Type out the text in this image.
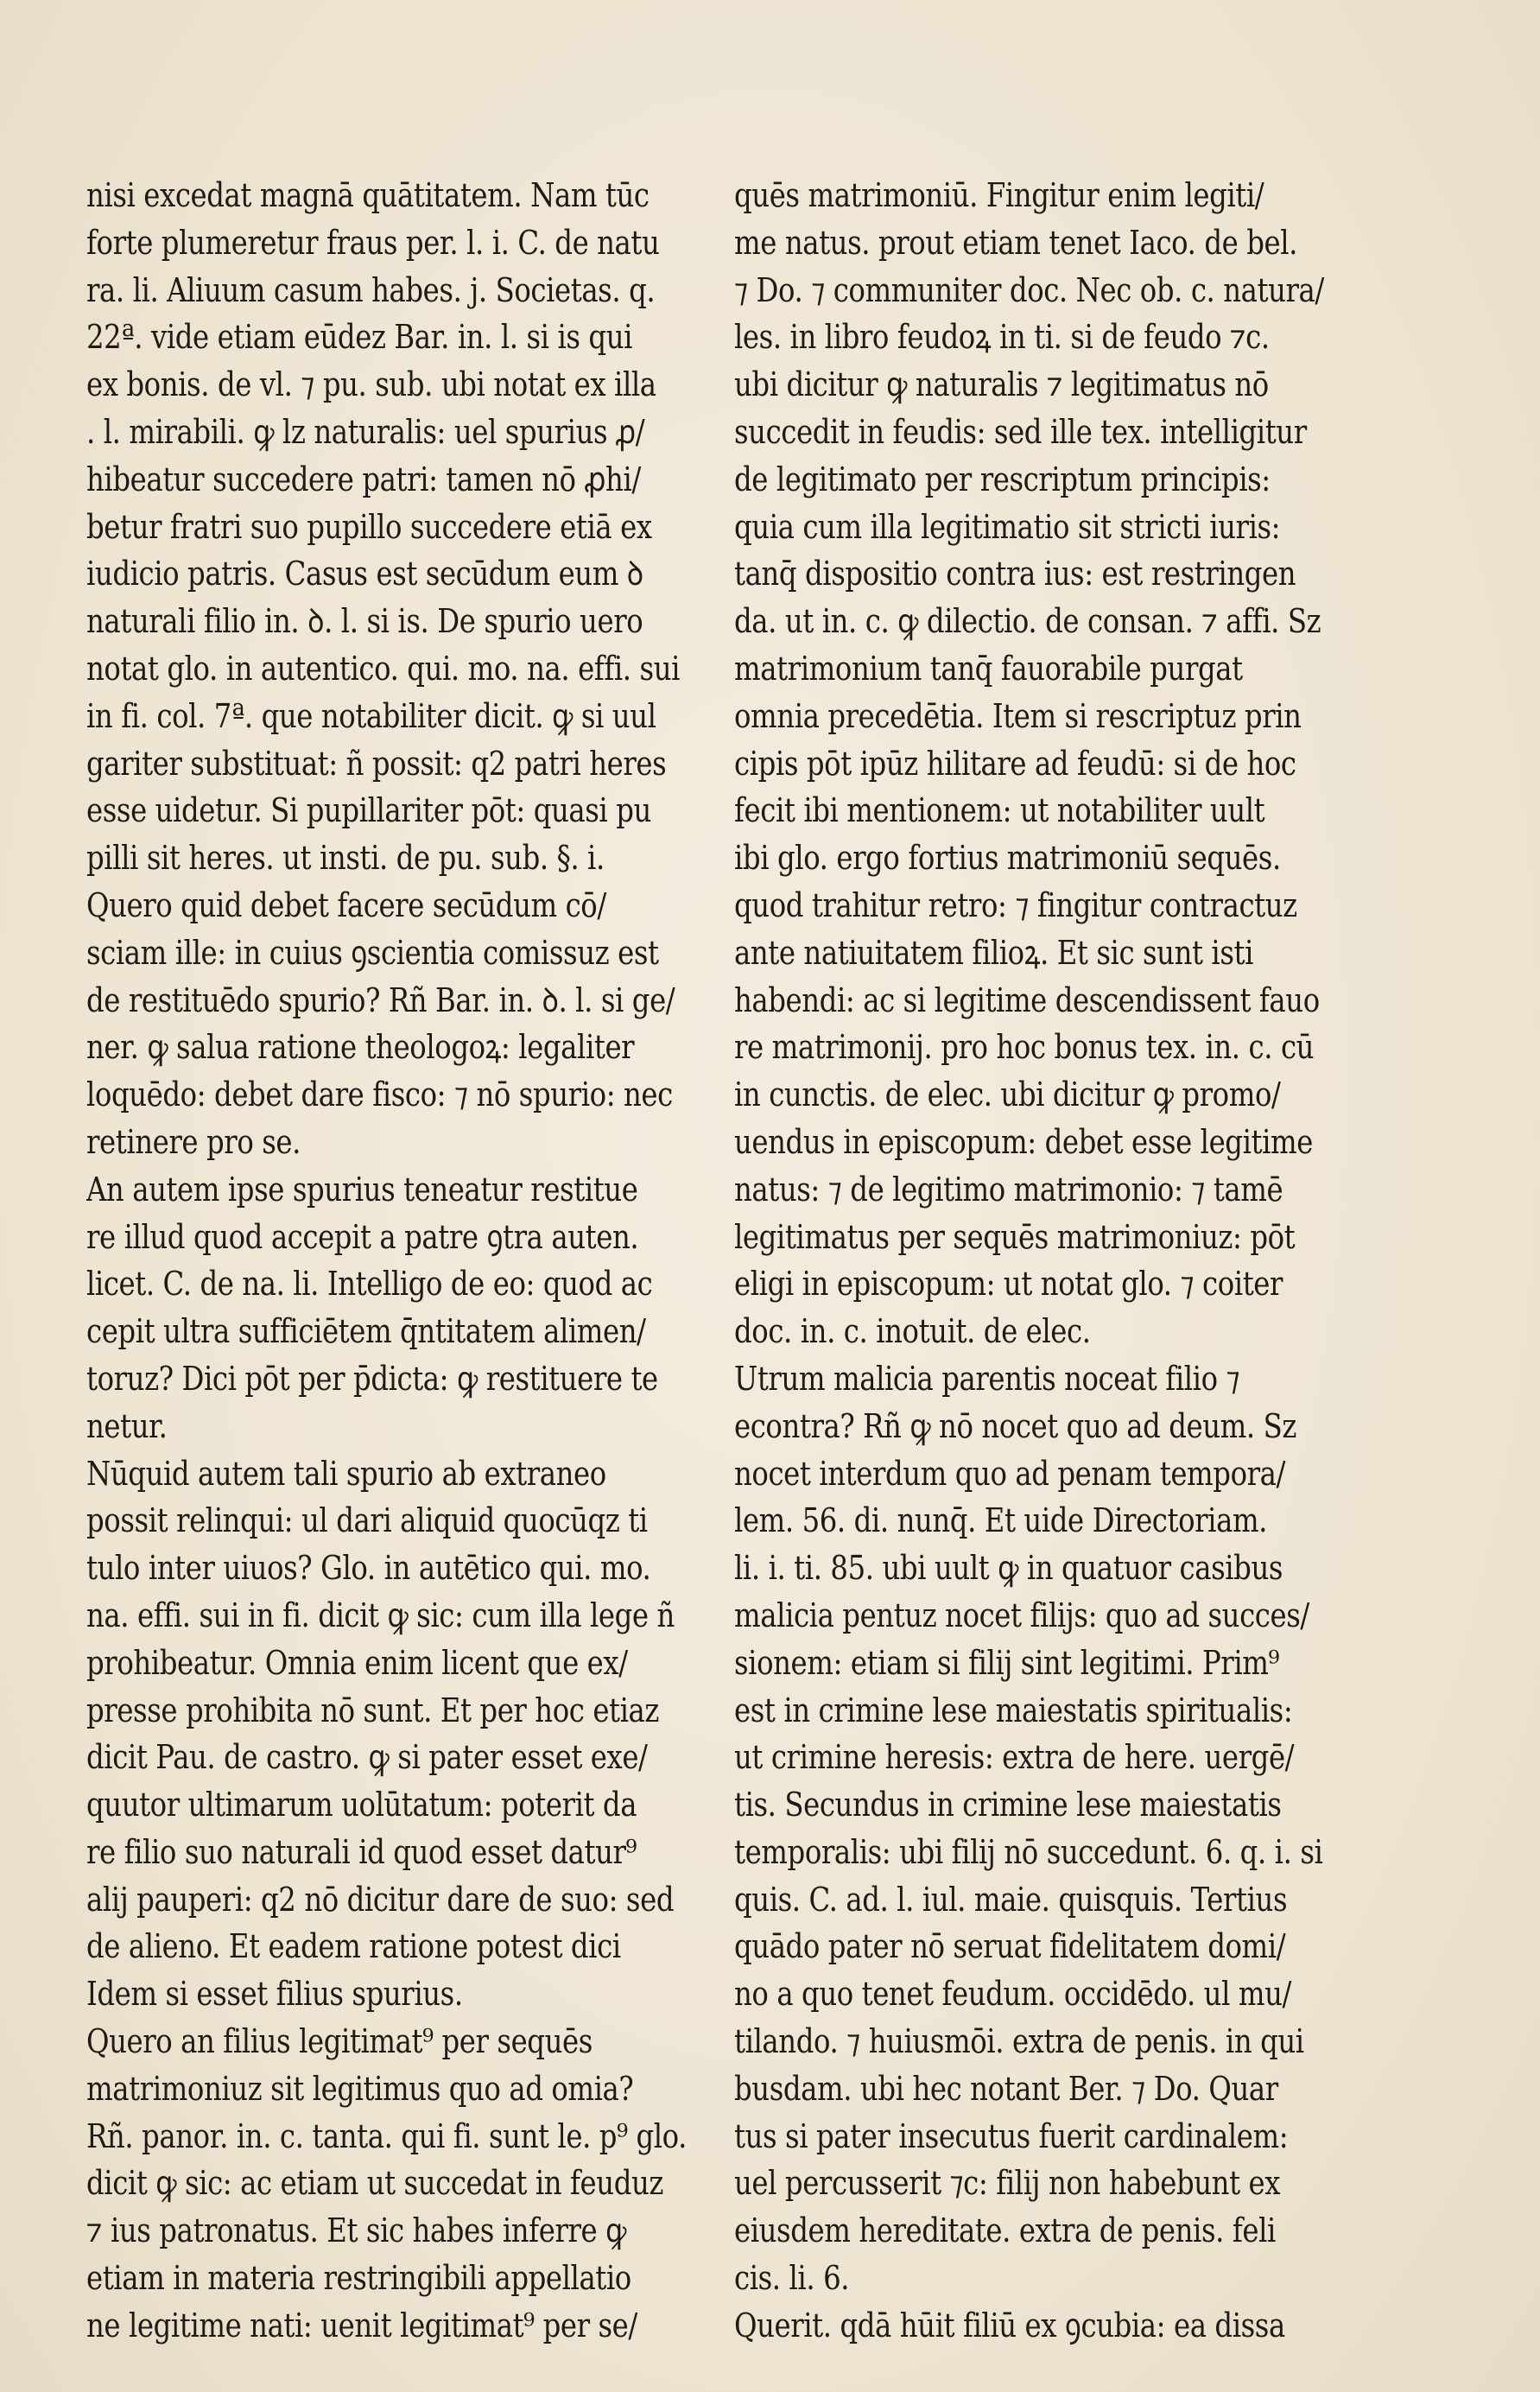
nisi excedat magnā quātitatem. Nam tūc
forte plumeretur fraus per. l. i. C. de natu
ra. li. Aliuum casum habes. j. Societas. q.
22ª. vide etiam eūdez Bar. in. l. si is qui
ex bonis. de vl. ⁊ pu. sub. ubi notat ex illa
. l. mirabili. ꝙ lz naturalis: uel spurius ꝓ/
hibeatur succedere patri: tamen nō ꝓhi/
betur fratri suo pupillo succedere etiā ex
iudicio patris. Casus est secūdum eum ꝺ
naturali filio in. ꝺ. l. si is. De spurio uero
notat glo. in autentico. qui. mo. na. effi. sui
in fi. col. 7ª. que notabiliter dicit. ꝙ si uul
gariter substituat: ñ possit: q2 patri heres
esse uidetur. Si pupillariter pōt: quasi pu
pilli sit heres. ut insti. de pu. sub. §. i.
Quero quid debet facere secūdum cō/
sciam ille: in cuius ꝯscientia comissuz est
de restituēdo spurio? Rñ Bar. in. ꝺ. l. si ge/
ner. ꝙ salua ratione theologoꝝ: legaliter
loquēdo: debet dare fisco: ⁊ nō spurio: nec
retinere pro se.
An autem ipse spurius teneatur restitue
re illud quod accepit a patre ꝯtra auten.
licet. C. de na. li. Intelligo de eo: quod ac
cepit ultra sufficiētem q̄ntitatem alimen/
toruz? Dici pōt per p̄dicta: ꝙ restituere te
netur.
Nūquid autem tali spurio ab extraneo
possit relinqui: ul dari aliquid quocūqz ti
tulo inter uiuos? Glo. in autētico qui. mo.
na. effi. sui in fi. dicit ꝙ sic: cum illa lege ñ
prohibeatur. Omnia enim licent que ex/
presse prohibita nō sunt. Et per hoc etiaz
dicit Pau. de castro. ꝙ si pater esset exe/
quutor ultimarum uolūtatum: poterit da
re filio suo naturali id quod esset datur⁹
alij pauperi: q2 nō dicitur dare de suo: sed
de alieno. Et eadem ratione potest dici
Idem si esset filius spurius.
Quero an filius legitimat⁹ per sequēs
matrimoniuz sit legitimus quo ad omia?
Rñ. panor. in. c. tanta. qui fi. sunt le. p⁹ glo.
dicit ꝙ sic: ac etiam ut succedat in feuduz
⁊ ius patronatus. Et sic habes inferre ꝙ
etiam in materia restringibili appellatio
ne legitime nati: uenit legitimat⁹ per se/
quēs matrimoniū. Fingitur enim legiti/
me natus. prout etiam tenet Iaco. de bel.
⁊ Do. ⁊ communiter doc. Nec ob. c. natura/
les. in libro feudoꝝ in ti. si de feudo ⁊c.
ubi dicitur ꝙ naturalis ⁊ legitimatus nō
succedit in feudis: sed ille tex. intelligitur
de legitimato per rescriptum principis:
quia cum illa legitimatio sit stricti iuris:
tanq̄ dispositio contra ius: est restringen
da. ut in. c. ꝙ dilectio. de consan. ⁊ affi. Sz
matrimonium tanq̄ fauorabile purgat
omnia precedētia. Item si rescriptuz prin
cipis pōt ipūz hilitare ad feudū: si de hoc
fecit ibi mentionem: ut notabiliter uult
ibi glo. ergo fortius matrimoniū sequēs.
quod trahitur retro: ⁊ fingitur contractuz
ante natiuitatem filioꝝ. Et sic sunt isti
habendi: ac si legitime descendissent fauo
re matrimonij. pro hoc bonus tex. in. c. cū
in cunctis. de elec. ubi dicitur ꝙ promo/
uendus in episcopum: debet esse legitime
natus: ⁊ de legitimo matrimonio: ⁊ tamē
legitimatus per sequēs matrimoniuz: pōt
eligi in episcopum: ut notat glo. ⁊ coiter
doc. in. c. inotuit. de elec.
Utrum malicia parentis noceat filio ⁊
econtra? Rñ ꝙ nō nocet quo ad deum. Sz
nocet interdum quo ad penam tempora/
lem. 56. di. nunq̄. Et uide Directoriam.
li. i. ti. 85. ubi uult ꝙ in quatuor casibus
malicia pentuz nocet filijs: quo ad succes/
sionem: etiam si filij sint legitimi. Prim⁹
est in crimine lese maiestatis spiritualis:
ut crimine heresis: extra de here. uergē/
tis. Secundus in crimine lese maiestatis
temporalis: ubi filij nō succedunt. 6. q. i. si
quis. C. ad. l. iul. maie. quisquis. Tertius
quādo pater nō seruat fidelitatem domi/
no a quo tenet feudum. occidēdo. ul mu/
tilando. ⁊ huiusmōi. extra de penis. in qui
busdam. ubi hec notant Ber. ⁊ Do. Quar
tus si pater insecutus fuerit cardinalem:
uel percusserit ⁊c: filij non habebunt ex
eiusdem hereditate. extra de penis. feli
cis. li. 6.
Querit. qdā hūit filiū ex ꝯcubia: ea dissa
